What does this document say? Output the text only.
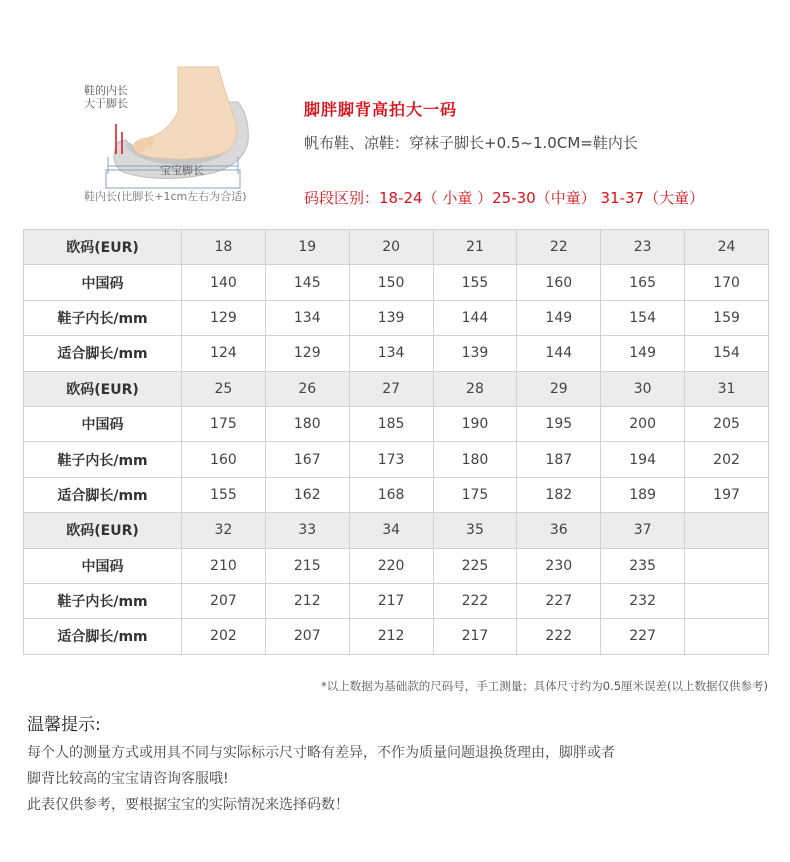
鞋的内长
大于脚长
宝宝脚长
鞋内长(比脚长+1cm左右为合适)
脚胖脚背高拍大一码
帆布鞋、凉鞋：穿袜子脚长+0.5~1.0CM=鞋内长
码段区别：18-24（ 小童 ）25-30（中童） 31-37（大童）
欧码(EUR)	18	19	20	21	22	23	24
中国码	140	145	150	155	160	165	170
鞋子内长/mm	129	134	139	144	149	154	159
适合脚长/mm	124	129	134	139	144	149	154
欧码(EUR)	25	26	27	28	29	30	31
中国码	175	180	185	190	195	200	205
鞋子内长/mm	160	167	173	180	187	194	202
适合脚长/mm	155	162	168	175	182	189	197
欧码(EUR)	32	33	34	35	36	37	
中国码	210	215	220	225	230	235	
鞋子内长/mm	207	212	217	222	227	232	
适合脚长/mm	202	207	212	217	222	227	
*以上数据为基础款的尺码号，手工测量；具体尺寸约为0.5厘米误差(以上数据仅供参考)
温馨提示:
每个人的测量方式或用具不同与实际标示尺寸略有差异，不作为质量问题退换货理由，脚胖或者
脚背比较高的宝宝请咨询客服哦!
此表仅供参考，要根据宝宝的实际情况来选择码数！
